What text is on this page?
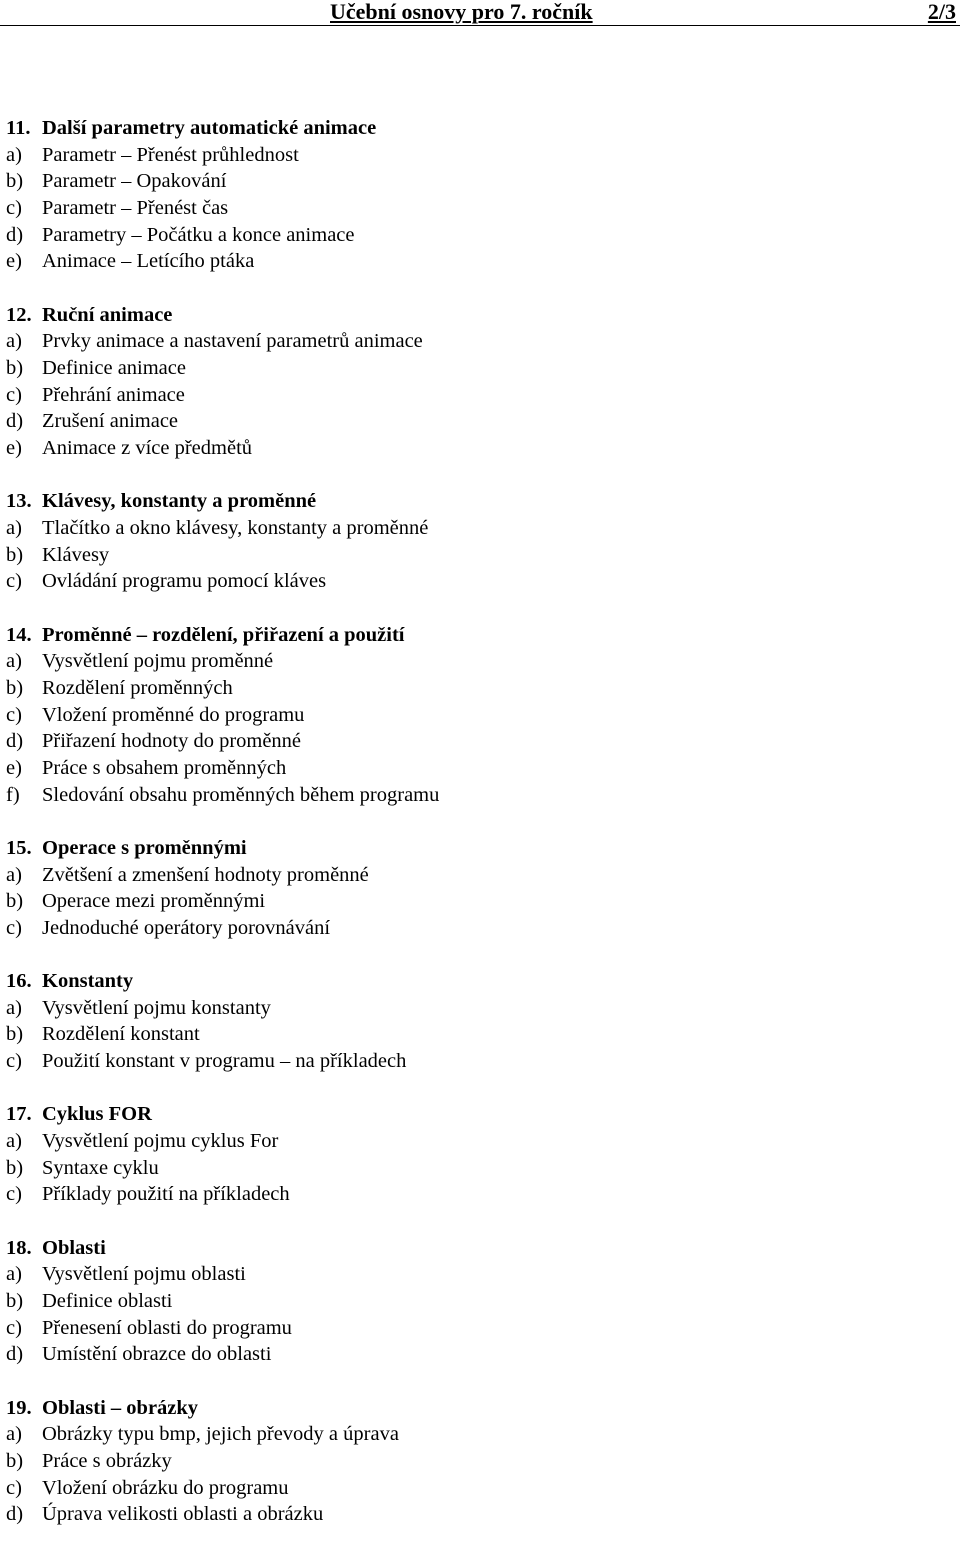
Učební osnovy pro 7. ročník	2/3
11. Další parametry automatické animace
a) Parametr – Přenést průhlednost
b) Parametr – Opakování
c) Parametr – Přenést čas
d) Parametry – Počátku a konce animace
e) Animace – Letícího ptáka
12. Ruční animace
a) Prvky animace a nastavení parametrů animace
b) Definice animace
c) Přehrání animace
d) Zrušení animace
e) Animace z více předmětů
13. Klávesy, konstanty a proměnné
a) Tlačítko a okno klávesy, konstanty a proměnné
b) Klávesy
c) Ovládání programu pomocí kláves
14. Proměnné – rozdělení, přiřazení a použití
a) Vysvětlení pojmu proměnné
b) Rozdělení proměnných
c) Vložení proměnné do programu
d) Přiřazení hodnoty do proměnné
e) Práce s obsahem proměnných
f) Sledování obsahu proměnných během programu
15. Operace s proměnnými
a) Zvětšení a zmenšení hodnoty proměnné
b) Operace mezi proměnnými
c) Jednoduché operátory porovnávání
16. Konstanty
a) Vysvětlení pojmu konstanty
b) Rozdělení konstant
c) Použití konstant v programu – na příkladech
17. Cyklus FOR
a) Vysvětlení pojmu cyklus For
b) Syntaxe cyklu
c) Příklady použití na příkladech
18. Oblasti
a) Vysvětlení pojmu oblasti
b) Definice oblasti
c) Přenesení oblasti do programu
d) Umístění obrazce do oblasti
19. Oblasti – obrázky
a) Obrázky typu bmp, jejich převody a úprava
b) Práce s obrázky
c) Vložení obrázku do programu
d) Úprava velikosti oblasti a obrázku
